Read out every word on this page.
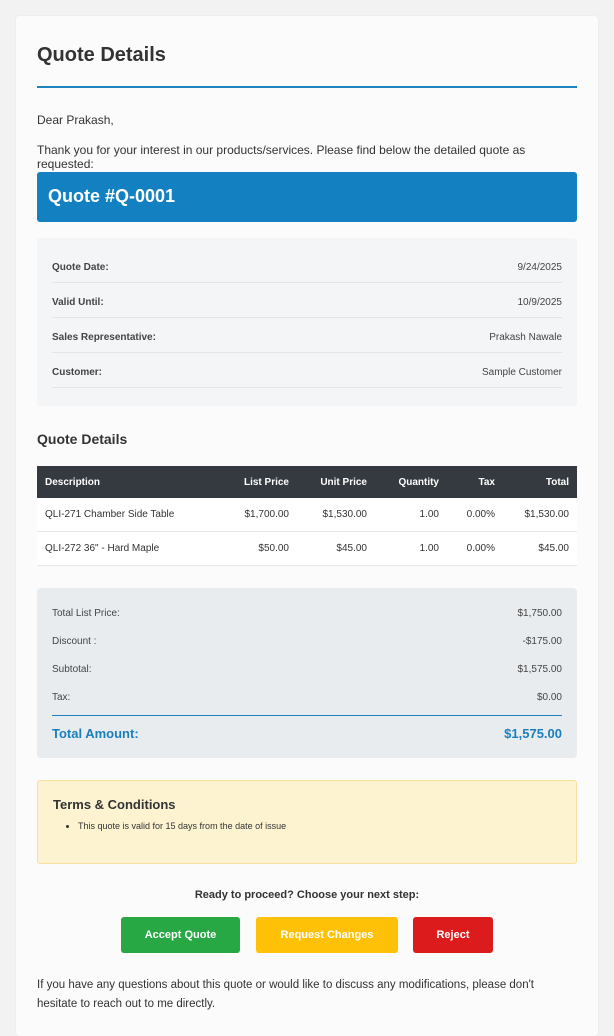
Quote Details
Dear Prakash,
Thank you for your interest in our products/services. Please find below the detailed quote as requested:
Quote #Q-0001
Quote Date:	9/24/2025
Valid Until:	10/9/2025
Sales Representative:	Prakash Nawale
Customer:	Sample Customer
Quote Details
Description	List Price	Unit Price	Quantity	Tax	Total
QLI-271 Chamber Side Table	$1,700.00	$1,530.00	1.00	0.00%	$1,530.00
QLI-272 36" - Hard Maple	$50.00	$45.00	1.00	0.00%	$45.00
Total List Price:	$1,750.00
Discount :	-$175.00
Subtotal:	$1,575.00
Tax:	$0.00
Total Amount:	$1,575.00
Terms & Conditions
• This quote is valid for 15 days from the date of issue
Ready to proceed? Choose your next step:
Accept Quote	Request Changes	Reject
If you have any questions about this quote or would like to discuss any modifications, please don't hesitate to reach out to me directly.
